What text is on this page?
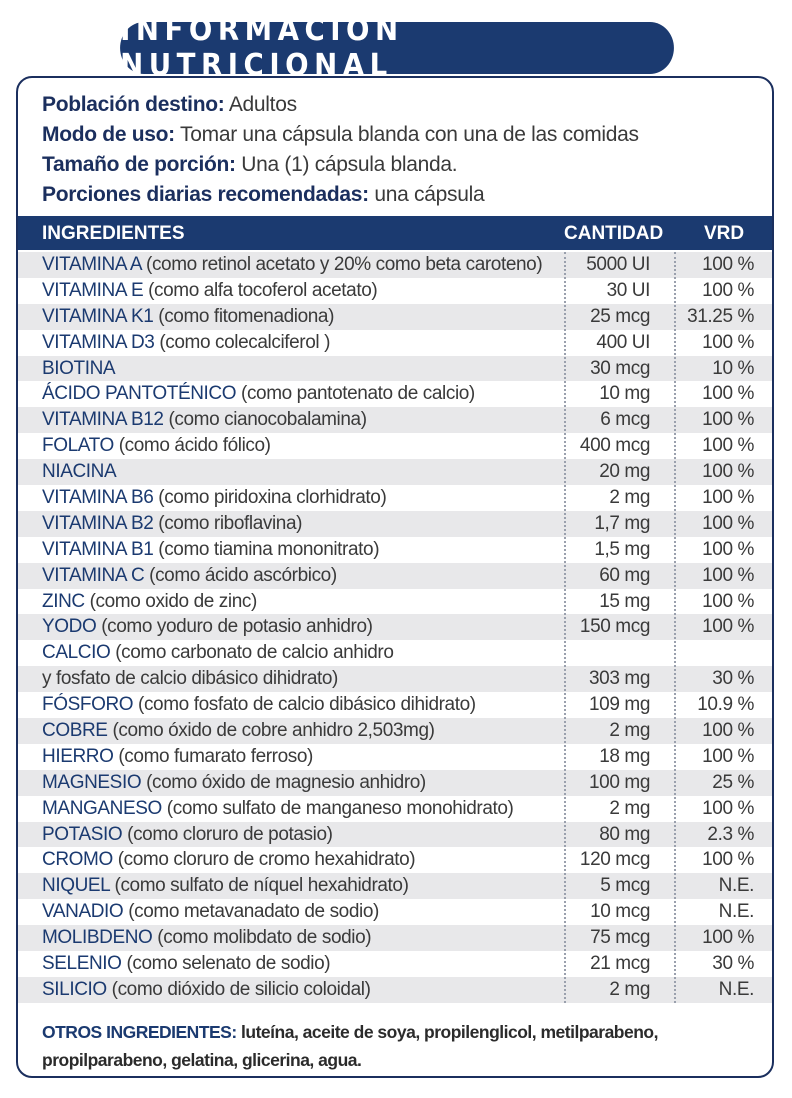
INFORMACIÓN NUTRICIONAL
Población destino: Adultos
Modo de uso: Tomar una cápsula blanda con una de las comidas
Tamaño de porción: Una (1) cápsula blanda.
Porciones diarias recomendadas: una cápsula
INGREDIENTES	CANTIDAD VRD
VITAMINA A (como retinol acetato y 20% como beta caroteno) 5000 UI	100 %
VITAMINA E (como alfa tocoferol acetato)	30 UI	100 %
VITAMINA K1 (como fitomenadiona)	25 mcg 31.25 %
VITAMINA D3 (como colecalciferol )	400 UI	100 %
BIOTINA	30 mcg	10 %
ÁCIDO PANTOTÉNICO (como pantotenato de calcio)	10 mg	100 %
VITAMINA B12 (como cianocobalamina)	6 mcg	100 %
FOLATO (como ácido fólico)	400 mcg	100 %
NIACINA	20 mg	100 %
VITAMINA B6 (como piridoxina clorhidrato)	2 mg	100 %
VITAMINA B2 (como riboflavina)	1,7 mg	100 %
VITAMINA B1 (como tiamina mononitrato)	1,5 mg	100 %
VITAMINA C (como ácido ascórbico)	60 mg	100 %
ZINC (como oxido de zinc)	15 mg	100 %
YODO (como yoduro de potasio anhidro)	150 mcg	100 %
CALCIO (como carbonato de calcio anhidro
y fosfato de calcio dibásico dihidrato)	303 mg	30 %
FÓSFORO (como fosfato de calcio dibásico dihidrato)	109 mg 10.9 %
COBRE (como óxido de cobre anhidro 2,503mg)	2 mg	100 %
HIERRO (como fumarato ferroso)	18 mg	100 %
MAGNESIO (como óxido de magnesio anhidro)	100 mg	25 %
MANGANESO (como sulfato de manganeso monohidrato)	2 mg	100 %
POTASIO (como cloruro de potasio)	80 mg	2.3 %
CROMO (como cloruro de cromo hexahidrato)	120 mcg	100 %
NIQUEL (como sulfato de níquel hexahidrato)	5 mcg	N.E.
VANADIO (como metavanadato de sodio)	10 mcg	N.E.
MOLIBDENO (como molibdato de sodio)	75 mcg	100 %
SELENIO (como selenato de sodio)	21 mcg	30 %
SILICIO (como dióxido de silicio coloidal)	2 mg	N.E.
OTROS INGREDIENTES: luteína, aceite de soya, propilenglicol, metilparabeno, propilparabeno, gelatina, glicerina, agua.
